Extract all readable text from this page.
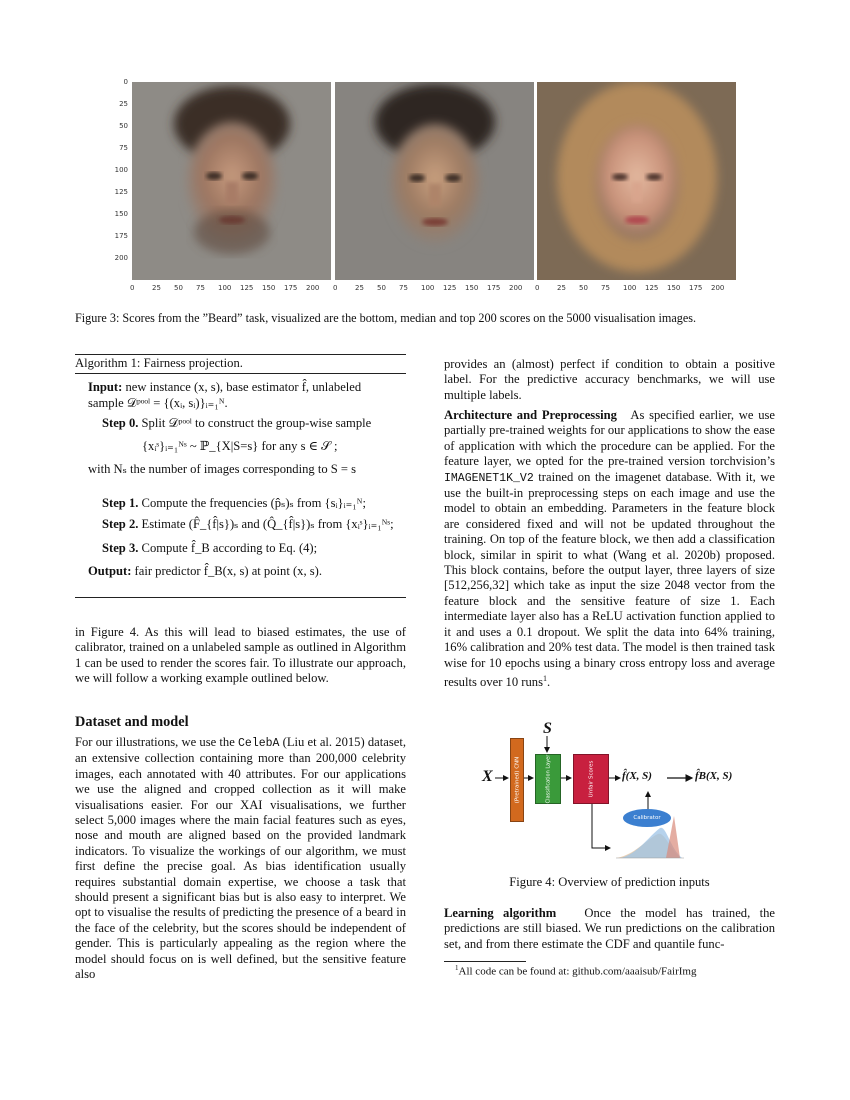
0
25
50
75
100
125
150
175
200
0	25 50 75 100 125 150 175 200 0	25 50 75 100 125 150 175 200 0	25 50 75 100 125 150 175 200
Figure 3: Scores from the ”Beard” task, visualized are the bottom, median and top 200 scores on the 5000 visualisation images.
Algorithm 1: Fairness projection.
Input: new instance (x, s), base estimator f̂, unlabeled
sample 𝒟ᵖᵒᵒˡ = {(xᵢ, sᵢ)}ᵢ₌₁ᴺ.
Step 0. Split 𝒟ᵖᵒᵒˡ to construct the group-wise sample
{xᵢˢ}ᵢ₌₁ᴺˢ ~ ℙ_{X|S=s} for any s ∈ 𝒮 ;
with Nₛ the number of images corresponding to S = s
Step 1. Compute the frequencies (p̂ₛ)ₛ from {sᵢ}ᵢ₌₁ᴺ;
Step 2. Estimate (F̂_{f̂|s})ₛ and (Q̂_{f̂|s})ₛ from {xᵢˢ}ᵢ₌₁ᴺˢ;
Step 3. Compute f̂_B according to Eq. (4);
Output: fair predictor f̂_B(x, s) at point (x, s).
in Figure 4. As this will lead to biased estimates, the use of calibrator, trained on a unlabeled sample as outlined in Algorithm 1 can be used to render the scores fair. To illustrate our approach, we will follow a working example outlined below.
Dataset and model
For our illustrations, we use the CelebA (Liu et al. 2015) dataset, an extensive collection containing more than 200,000 celebrity images, each annotated with 40 attributes. For our applications we use the aligned and cropped collection as it will make visualisations easier. For our XAI visualisations, we further select 5,000 images where the main facial features such as eyes, nose and mouth are aligned based on the provided landmark indicators. To visualize the workings of our algorithm, we must first define the precise goal. As bias identification usually requires substantial domain expertise, we choose a task that should present a significant bias but is also easy to interpret. We opt to visualise the results of predicting the presence of a beard in the face of the celebrity, but the scores should be independent of gender. This is particularly appealing as the region where the model should focus on is well defined, but the sensitive feature also
provides an (almost) perfect if condition to obtain a positive label. For the predictive accuracy benchmarks, we will use multiple labels.
Architecture and Preprocessing As specified earlier, we use partially pre-trained weights for our applications to show the ease of application with which the procedure can be applied. For the feature layer, we opted for the pre-trained version torchvision’s IMAGENET1K_V2 trained on the imagenet database. With it, we use the built-in preprocessing steps on each image and use the model to obtain an embedding. Parameters in the feature block are considered fixed and will not be updated throughout the training. On top of the feature block, we then add a classification block, similar in spirit to what (Wang et al. 2020b) proposed. This block contains, before the output layer, three layers of size [512,256,32] which take as input the size 2048 vector from the feature block and the sensitive feature of size 1. Each intermediate layer also has a ReLU activation function applied to it and uses a 0.1 dropout. We split the data into 64% training, 16% calibration and 20% test data. The model is then trained task wise for 10 epochs using a binary cross entropy loss and average results over 10 runs$^1$.
S
X	(Pretrained) CNN	Classification Layer	Unfair Scores	f̂(X, S)	f̂B(X, S)
Calibrator
Figure 4: Overview of prediction inputs
Learning algorithm Once the model has trained, the predictions are still biased. We run predictions on the calibration set, and from there estimate the CDF and quantile func-
$^1$All code can be found at: github.com/aaaisub/FairImg
